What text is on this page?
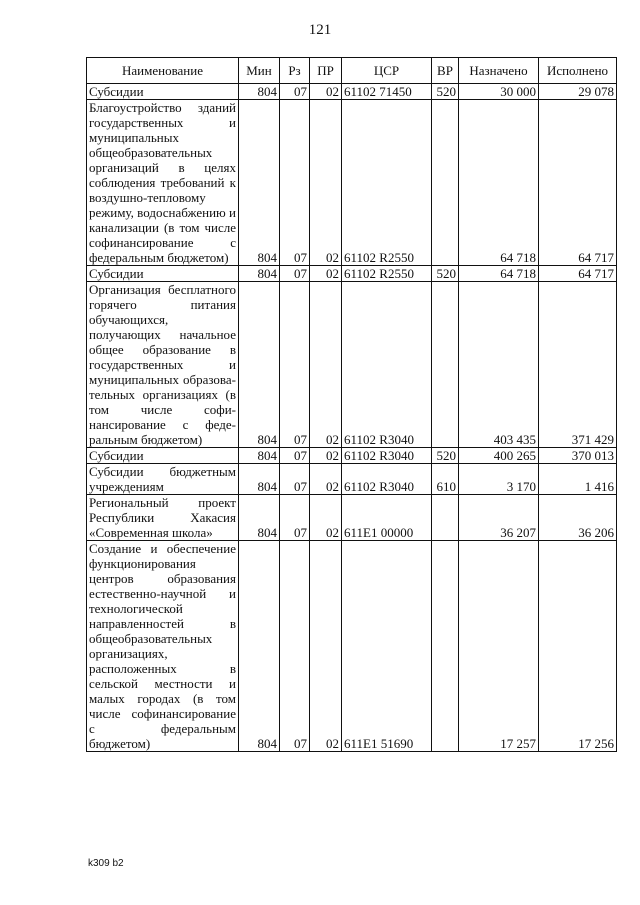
121
Наименование	Мин	Рз	ПР	ЦСР	ВР	Назначено	Исполнено
Субсидии	804	07	02	61102 71450	520	30 000	29 078
Благоустройство зданий государственных и муниципальных общеобразовательных организаций в целях соблюдения требований к воздушно-тепловому режиму, водоснабжению и канализации (в том числе софинансирование с федеральным бюджетом)	804	07	02	61102 R2550		64 718	64 717
Субсидии	804	07	02	61102 R2550	520	64 718	64 717
Организация бесплатного горячего питания обучающихся, получающих начальное общее образование в государственных и муниципальных образовательных организациях (в том числе софинансирование с федеральным бюджетом)	804	07	02	61102 R3040		403 435	371 429
Субсидии	804	07	02	61102 R3040	520	400 265	370 013
Субсидии бюджетным учреждениям	804	07	02	61102 R3040	610	3 170	1 416
Региональный проект Республики Хакасия «Современная школа»	804	07	02	611E1 00000		36 207	36 206
Создание и обеспечение функционирования центров образования естественно-научной и технологической направленностей в общеобразовательных организациях, расположенных в сельской местности и малых городах (в том числе софинансирование с федеральным бюджетом)	804	07	02	611E1 51690		17 257	17 256
k309 b2
